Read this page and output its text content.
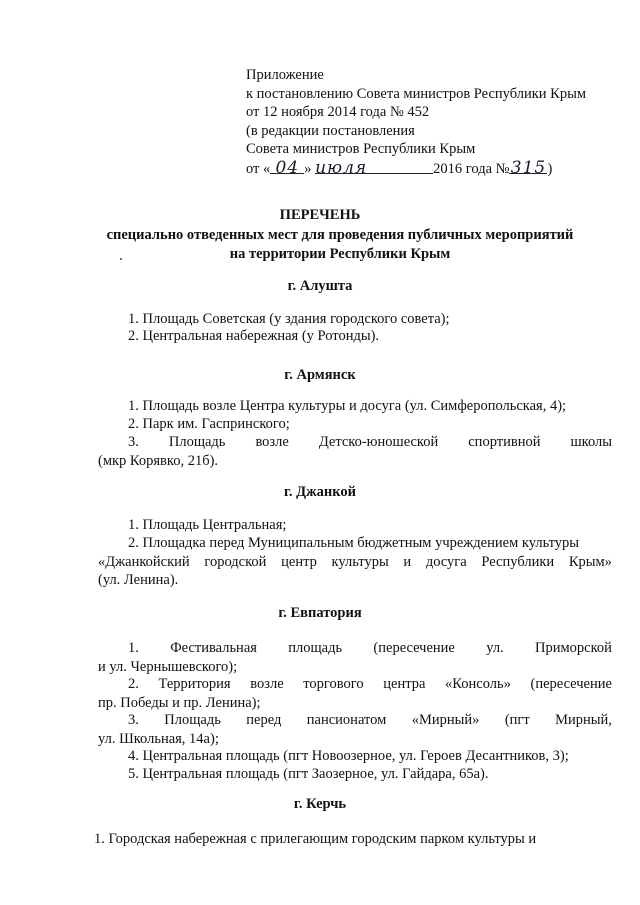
Приложение
к постановлению Совета министров Республики Крым
от 12 ноября 2014 года № 452
(в редакции постановления
Совета министров Республики Крым
от « 04 » июля	2016 года №315)
ПЕРЕЧЕНЬ
специально отведенных мест для проведения публичных мероприятий
на территории Республики Крым
г. Алушта
1. Площадь Советская (у здания городского совета);
2. Центральная набережная (у Ротонды).
г. Армянск
1. Площадь возле Центра культуры и досуга (ул. Симферопольская, 4);
2. Парк им. Гаспринского;
3. Площадь возле Детско-юношеской спортивной школы
(мкр Корявко, 21б).
г. Джанкой
1. Площадь Центральная;
2. Площадка перед Муниципальным бюджетным учреждением культуры
«Джанкойский городской центр культуры и досуга Республики Крым»
(ул. Ленина).
г. Евпатория
1. Фестивальная площадь (пересечение ул. Приморской
и ул. Чернышевского);
2. Территория возле торгового центра «Консоль» (пересечение
пр. Победы и пр. Ленина);
3. Площадь перед пансионатом «Мирный» (пгт Мирный,
ул. Школьная, 14а);
4. Центральная площадь (пгт Новоозерное, ул. Героев Десантников, 3);
5. Центральная площадь (пгт Заозерное, ул. Гайдара, 65а).
г. Керчь
1. Городская набережная с прилегающим городским парком культуры и
